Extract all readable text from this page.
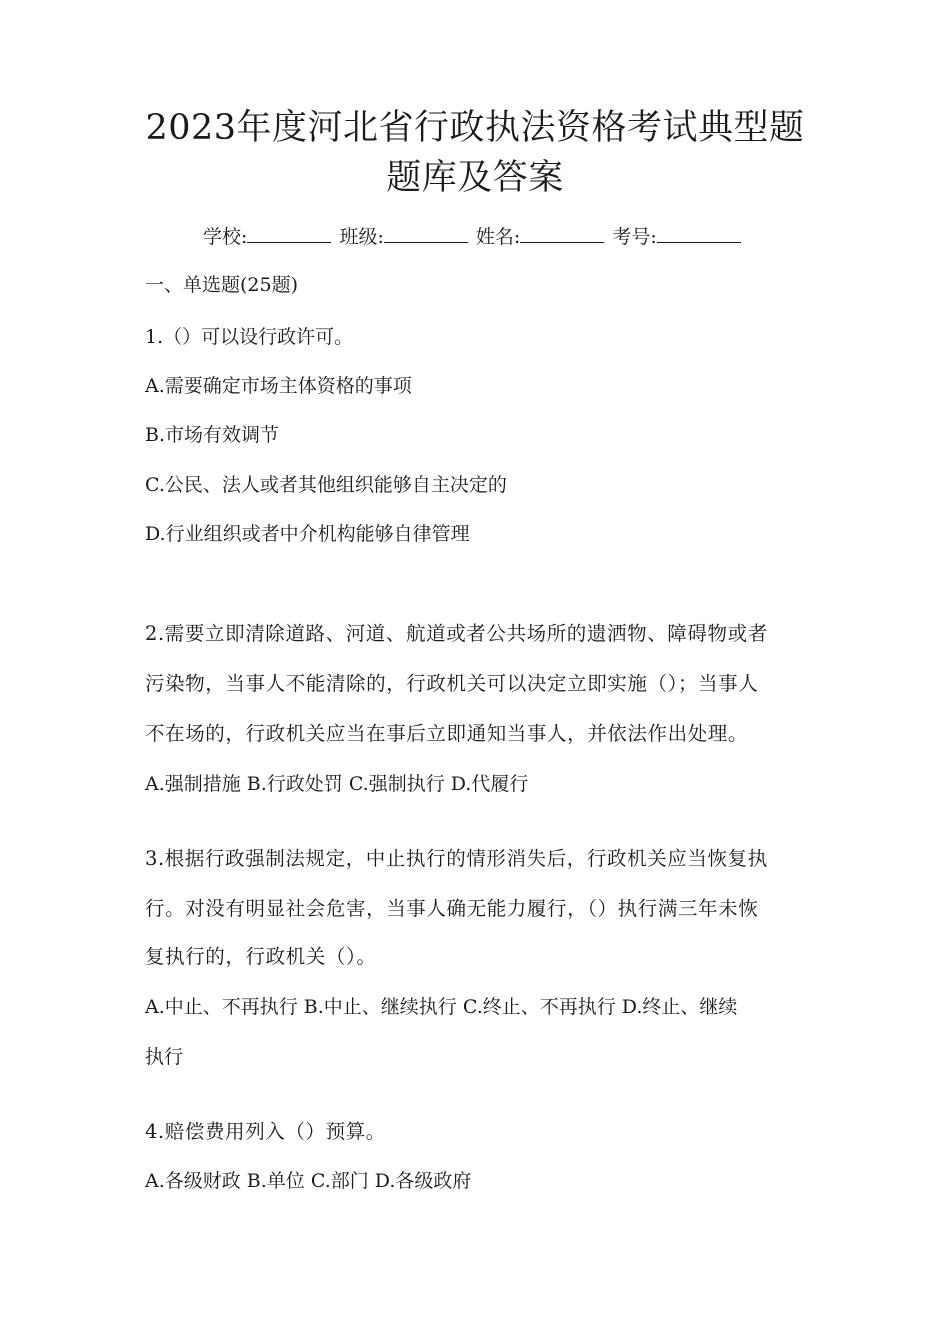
2023年度河北省行政执法资格考试典型题
题库及答案
学校:	班级:	姓名:	考号:
一、单选题(25题)
1.（）可以设行政许可。
A.需要确定市场主体资格的事项
B.市场有效调节
C.公民、法人或者其他组织能够自主决定的
D.行业组织或者中介机构能够自律管理
2.需要立即清除道路、河道、航道或者公共场所的遗洒物、障碍物或者
污染物，当事人不能清除的，行政机关可以决定立即实施（）；当事人
不在场的，行政机关应当在事后立即通知当事人，并依法作出处理。
A.强制措施 B.行政处罚 C.强制执行 D.代履行
3.根据行政强制法规定，中止执行的情形消失后，行政机关应当恢复执
行。对没有明显社会危害，当事人确无能力履行，（）执行满三年未恢
复执行的，行政机关（）。
A.中止、不再执行 B.中止、继续执行 C.终止、不再执行 D.终止、继续
执行
4.赔偿费用列入（）预算。
A.各级财政 B.单位 C.部门 D.各级政府
